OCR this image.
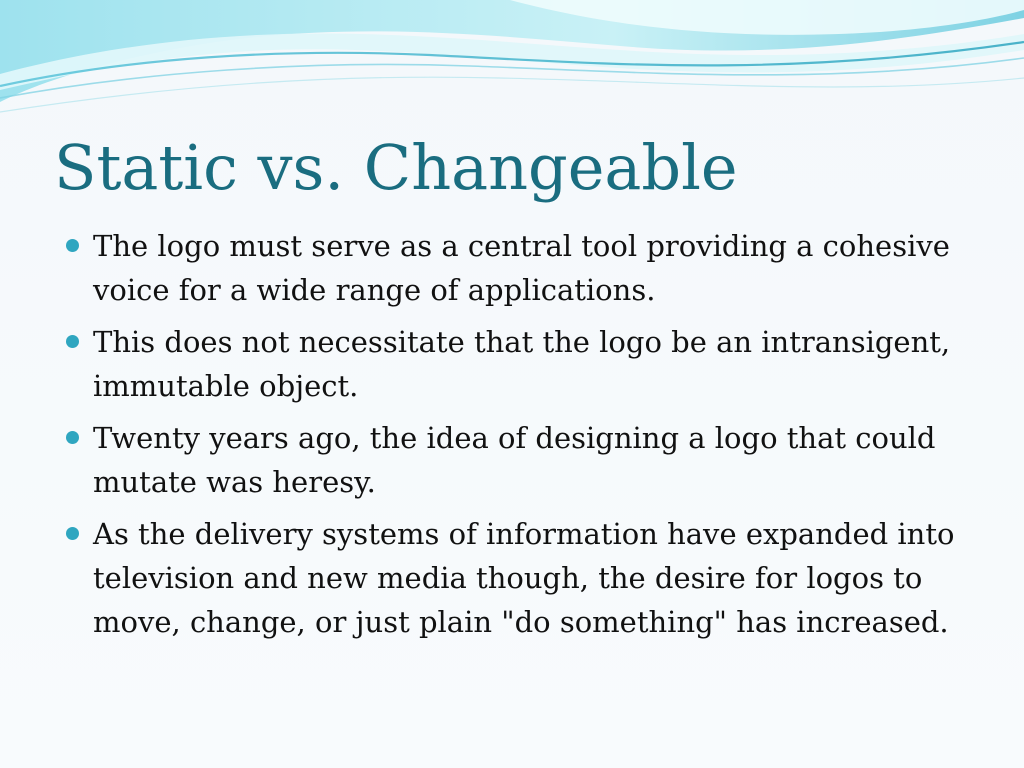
Static vs. Changeable
The logo must serve as a central tool providing a cohesive voice for a wide range of applications.
This does not necessitate that the logo be an intransigent, immutable object.
Twenty years ago, the idea of designing a logo that could mutate was heresy.
As the delivery systems of information have expanded into television and new media though, the desire for logos to move, change, or just plain "do something" has increased.
